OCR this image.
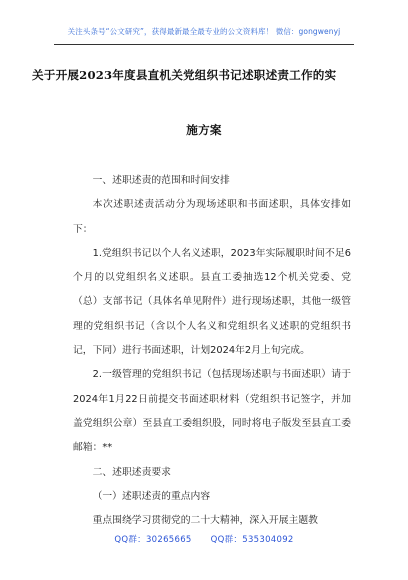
关注头条号“公文研究”，获得最新最全最专业的公文资料库！ 微信：gongwenyj
关于开展2023年度县直机关党组织书记述职述责工作的实
施方案

一、述职述责的范围和时间安排

本次述职述责活动分为现场述职和书面述职，具体安排如下：

1.党组织书记以个人名义述职，2023年实际履职时间不足6个月的以党组织名义述职。县直工委抽选12个机关党委、党（总）支部书记（具体名单见附件）进行现场述职，其他一级管理的党组织书记（含以个人名义和党组织名义述职的党组织书记，下同）进行书面述职，计划2024年2月上旬完成。

2.一级管理的党组织书记（包括现场述职与书面述职）请于2024年1月22日前提交书面述职材料（党组织书记签字，并加盖党组织公章）至县直工委组织股，同时将电子版发至县直工委邮箱：**

二、述职述责要求

（一）述职述责的重点内容

重点围绕学习贯彻党的二十大精神，深入开展主题教

QQ群：30265665 QQ群：535304092
